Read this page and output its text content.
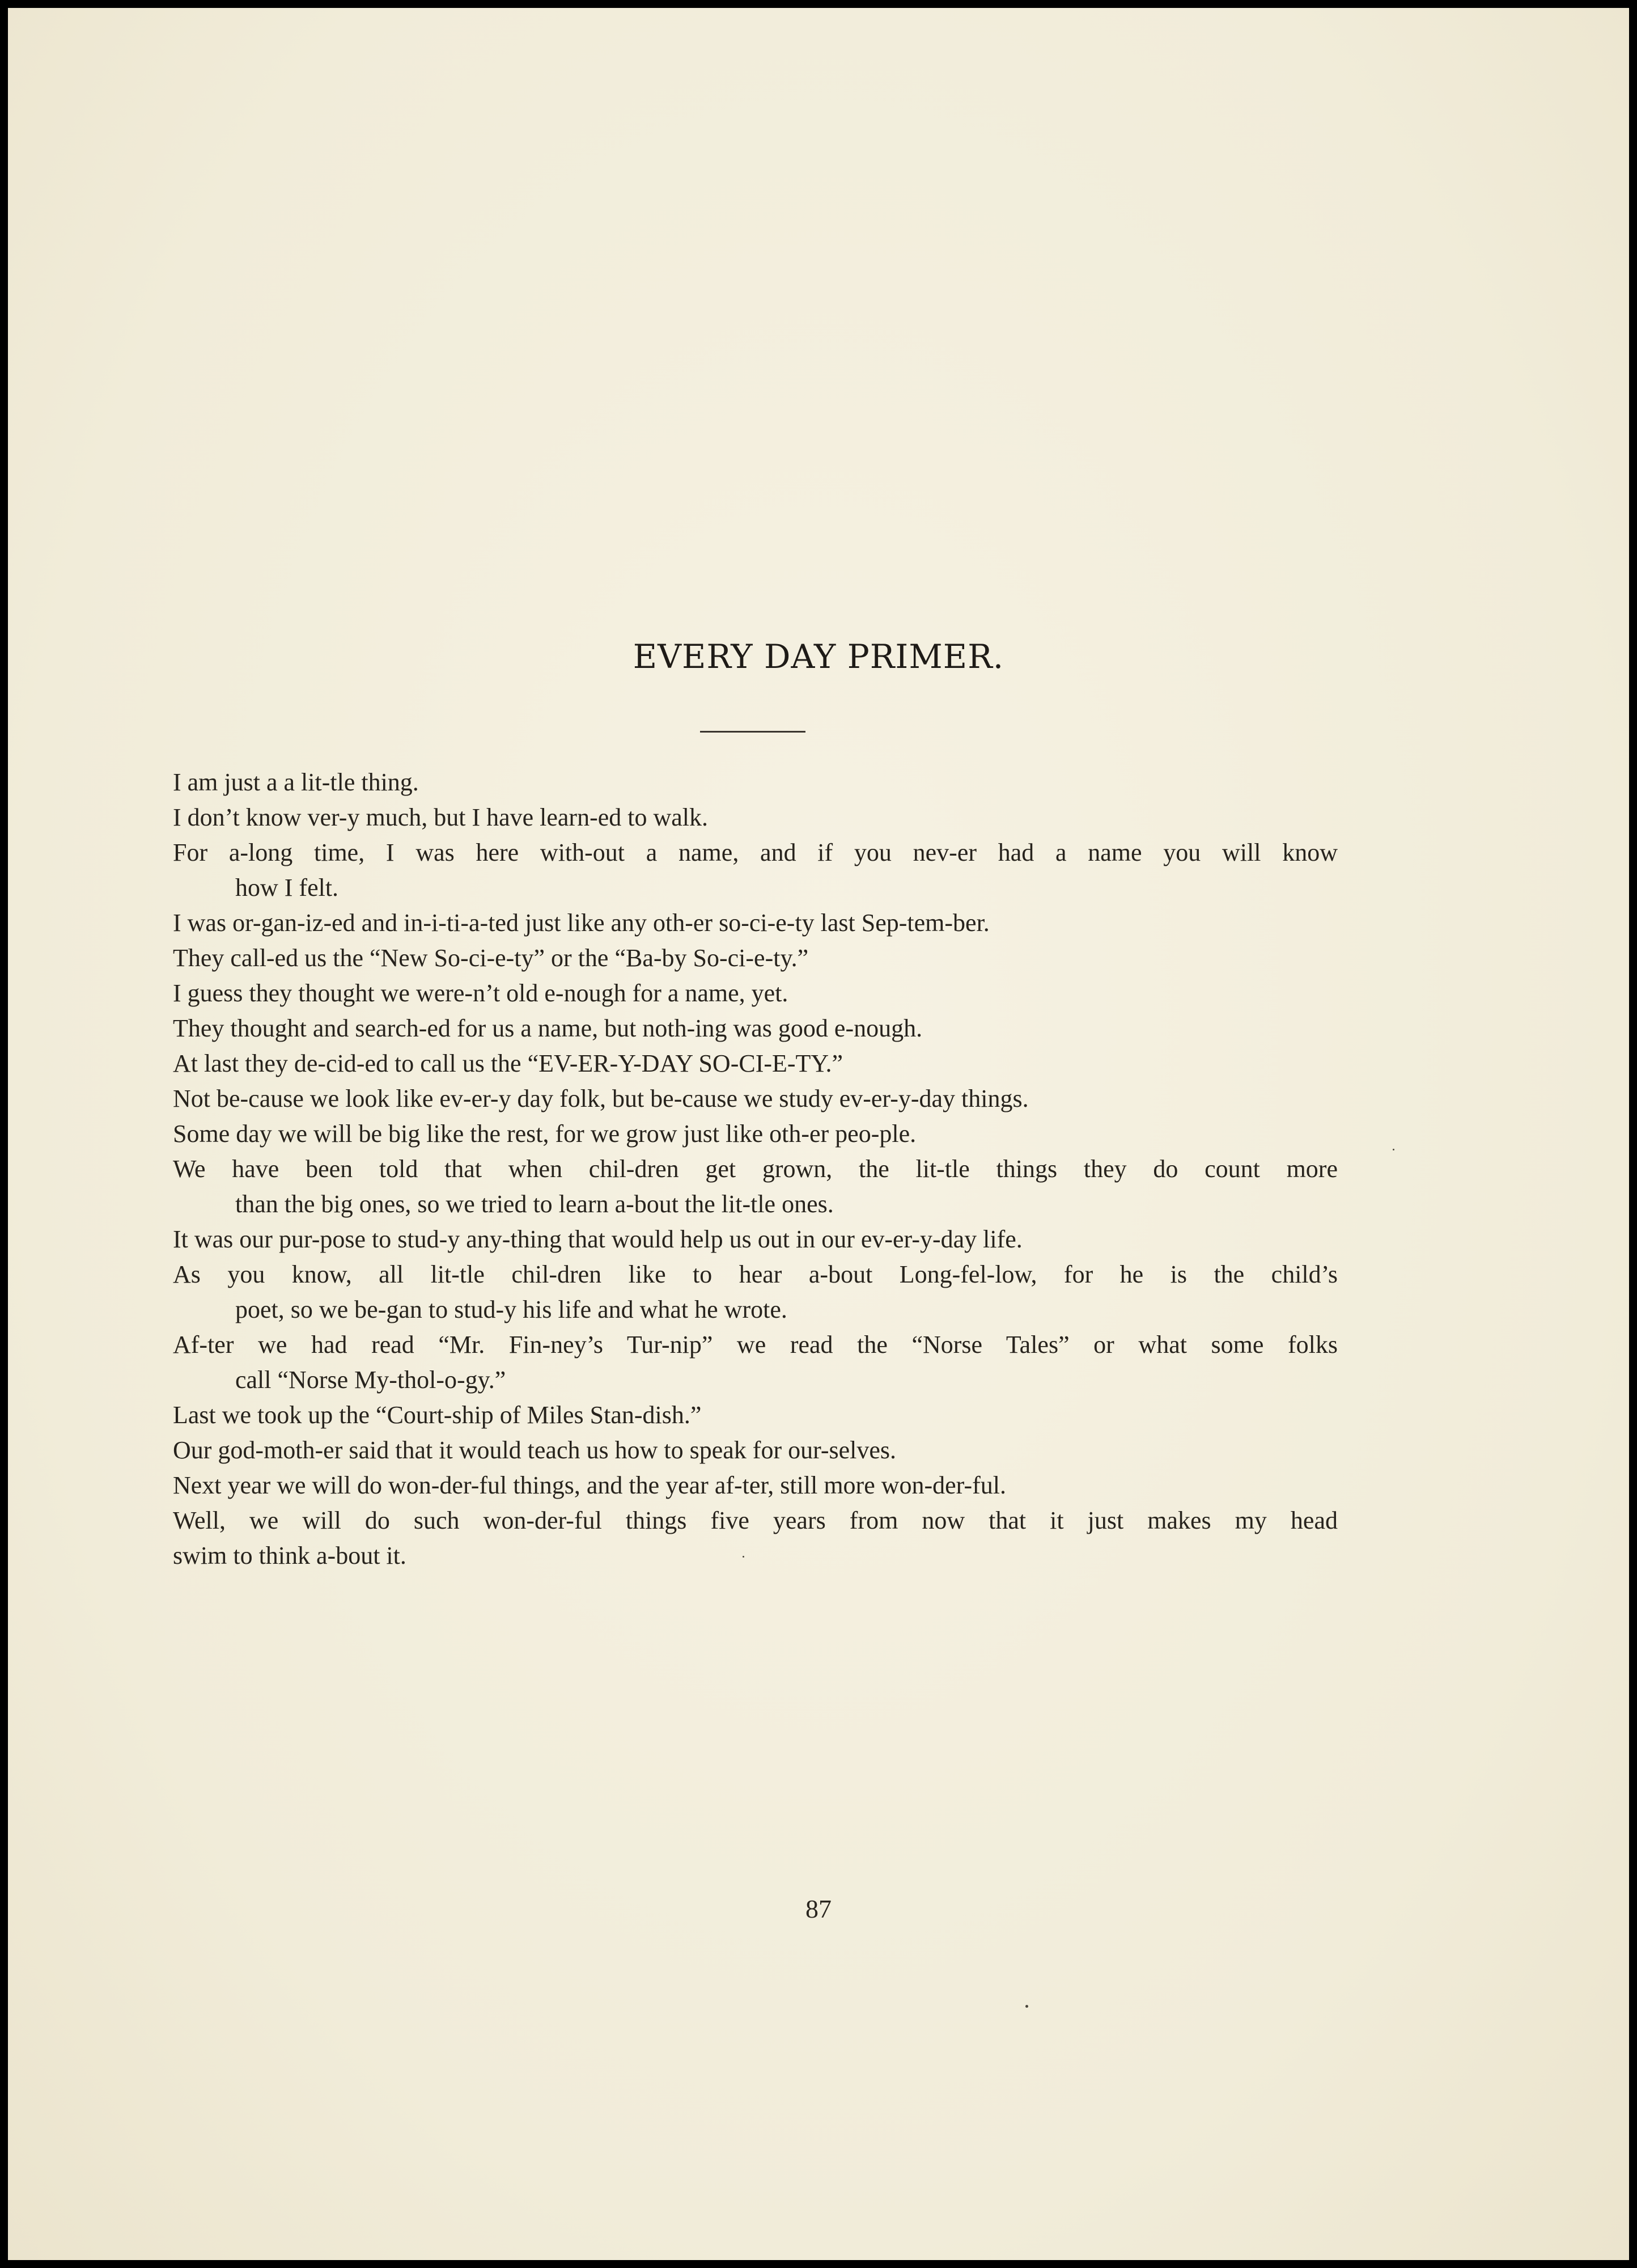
EVERY DAY PRIMER.
I am just a a lit-tle thing.
I don’t know ver-y much, but I have learn-ed to walk.
For a-long time, I was here with-out a name, and if you nev-er had a name you will know
how I felt.
I was or-gan-iz-ed and in-i-ti-a-ted just like any oth-er so-ci-e-ty last Sep-tem-ber.
They call-ed us the “New So-ci-e-ty” or the “Ba-by So-ci-e-ty.”
I guess they thought we were-n’t old e-nough for a name, yet.
They thought and search-ed for us a name, but noth-ing was good e-nough.
At last they de-cid-ed to call us the “EV-ER-Y-DAY SO-CI-E-TY.”
Not be-cause we look like ev-er-y day folk, but be-cause we study ev-er-y-day things.
Some day we will be big like the rest, for we grow just like oth-er peo-ple.
We have been told that when chil-dren get grown, the lit-tle things they do count more
than the big ones, so we tried to learn a-bout the lit-tle ones.
It was our pur-pose to stud-y any-thing that would help us out in our ev-er-y-day life.
As you know, all lit-tle chil-dren like to hear a-bout Long-fel-low, for he is the child’s
poet, so we be-gan to stud-y his life and what he wrote.
Af-ter we had read “Mr. Fin-ney’s Tur-nip” we read the “Norse Tales” or what some folks
call “Norse My-thol-o-gy.”
Last we took up the “Court-ship of Miles Stan-dish.”
Our god-moth-er said that it would teach us how to speak for our-selves.
Next year we will do won-der-ful things, and the year af-ter, still more won-der-ful.
Well, we will do such won-der-ful things five years from now that it just makes my head
swim to think a-bout it.
87
